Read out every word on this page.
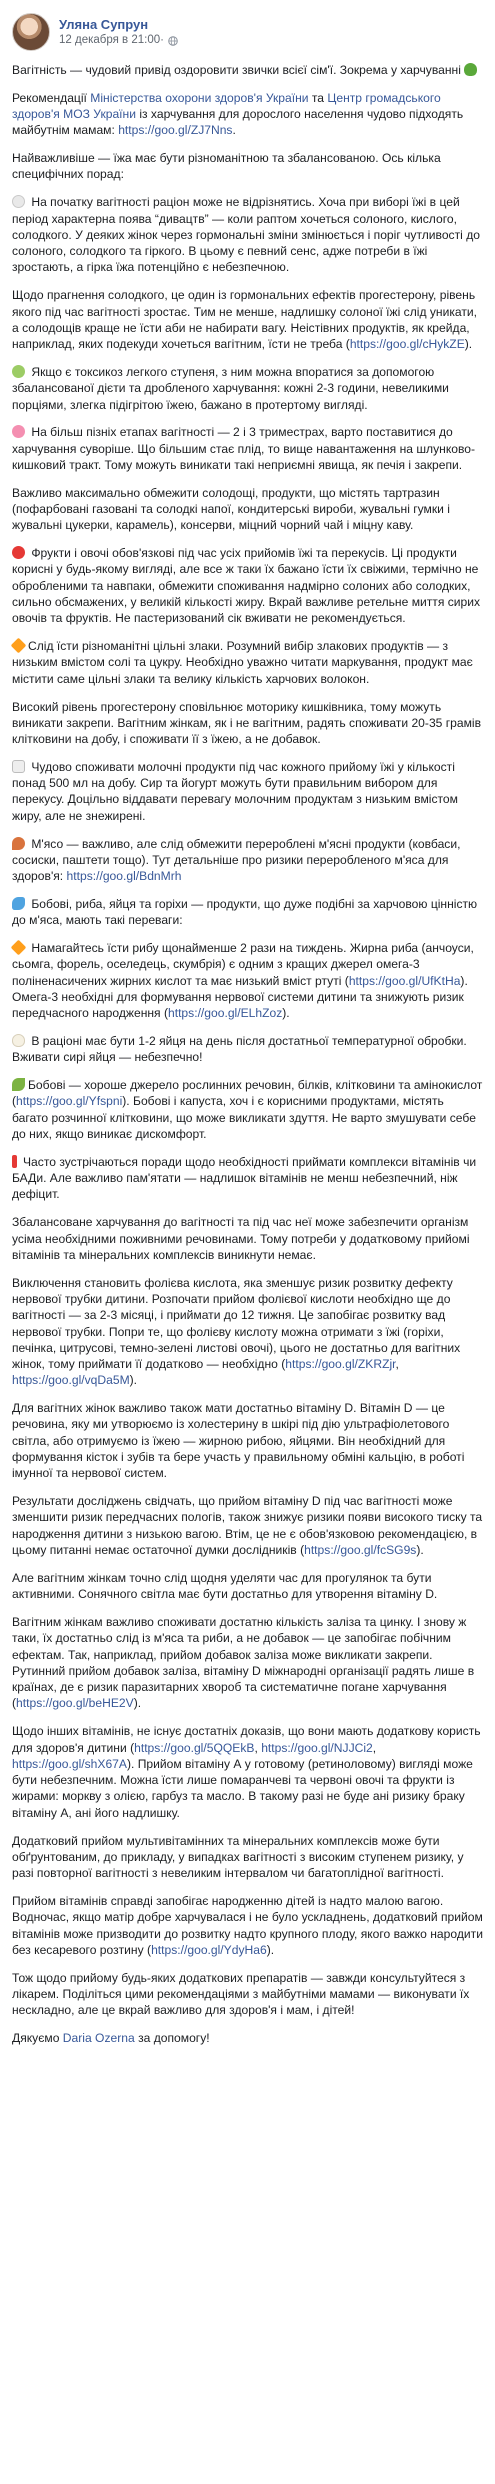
Уляна Супрун
12 декабря в 21:00 ·

Вагітність — чудовий привід оздоровити звички всієї сім'ї. Зокрема у харчуванні

Рекомендації Міністерства охорони здоров'я України та Центр громадського здоров'я МОЗ України із харчування для дорослого населення чудово підходять майбутнім мамам: https://goo.gl/ZJ7Nns.

Найважливіше — їжа має бути різноманітною та збалансованою. Ось кілька специфічних порад:

На початку вагітності раціон може не відрізнятись. Хоча при виборі їжі в цей період характерна поява “дивацтв” — коли раптом хочеться солоного, кислого, солодкого. У деяких жінок через гормональні зміни змінюється і поріг чутливості до солоного, солодкого та гіркого. В цьому є певний сенс, адже потреби в їжі зростають, а гірка їжа потенційно є небезпечною.

Щодо прагнення солодкого, це один із гормональних ефектів прогестерону, рівень якого під час вагітності зростає. Тим не менше, надлишку солоної їжі слід уникати, а солодощів краще не їсти аби не набирати вагу. Неістівних продуктів, як крейда, наприклад, яких подекуди хочеться вагітним, їсти не треба (https://goo.gl/cHykZE).

Якщо є токсикоз легкого ступеня, з ним можна впоратися за допомогою збалансованої дієти та дробленого харчування: кожні 2-3 години, невеликими порціями, злегка підігрітою їжею, бажано в протертому вигляді.

На більш пізніх етапах вагітності — 2 і 3 триместрах, варто поставитися до харчування суворіше. Що більшим стає плід, то вище навантаження на шлунково-кишковий тракт. Тому можуть виникати такі неприємні явища, як печія і закрепи.

Важливо максимально обмежити солодощі, продукти, що містять тартразин (пофарбовані газовані та солодкі напої, кондитерські вироби, жувальні гумки і жувальні цукерки, карамель), консерви, міцний чорний чай і міцну каву.

Фрукти і овочі обов'язкові під час усіх прийомів їжі та перекусів. Ці продукти корисні у будь-якому вигляді, але все ж таки їх бажано їсти їх свіжими, термічно не обробленими та навпаки, обмежити споживання надмірно солоних або солодких, сильно обсмажених, у великій кількості жиру. Вкрай важливе ретельне миття сирих овочів та фруктів. Не пастеризований сік вживати не рекомендується.

Слід їсти різноманітні цільні злаки. Розумний вибір злакових продуктів — з низьким вмістом солі та цукру. Необхідно уважно читати маркування, продукт має містити саме цільні злаки та велику кількість харчових волокон.

Високий рівень прогестерону сповільнює моторику кишківника, тому можуть виникати закрепи. Вагітним жінкам, як і не вагітним, радять споживати 20-35 грамів клітковини на добу, і споживати її з їжею, а не добавок.

Чудово споживати молочні продукти під час кожного прийому їжі у кількості понад 500 мл на добу. Сир та йогурт можуть бути правильним вибором для перекусу. Доцільно віддавати перевагу молочним продуктам з низьким вмістом жиру, але не знежирені.

М'ясо — важливо, але слід обмежити перероблені м'ясні продукти (ковбаси, сосиски, паштети тощо). Тут детальніше про ризики переробленого м'яса для здоров'я: https://goo.gl/BdnMrh

Бобові, риба, яйця та горіхи — продукти, що дуже подібні за харчовою цінністю до м'яса, мають такі переваги:

Намагайтесь їсти рибу щонайменше 2 рази на тиждень. Жирна риба (анчоуси, сьомга, форель, оселедець, скумбрія) є одним з кращих джерел омега-3 поліненасичених жирних кислот та має низький вміст ртуті (https://goo.gl/UfKtHa). Омега-3 необхідні для формування нервової системи дитини та знижують ризик передчасного народження (https://goo.gl/ELhZoz).

В раціоні має бути 1-2 яйця на день після достатньої температурної обробки. Вживати сирі яйця — небезпечно!

Бобові — хороше джерело рослинних речовин, білків, клітковини та амінокислот (https://goo.gl/Yfspni). Бобові і капуста, хоч і є корисними продуктами, містять багато розчинної клітковини, що може викликати здуття. Не варто змушувати себе до них, якщо виникає дискомфорт.

Часто зустрічаються поради щодо необхідності приймати комплекси вітамінів чи БАДи. Але важливо пам'ятати — надлишок вітамінів не менш небезпечний, ніж дефіцит.

Збалансоване харчування до вагітності та під час неї може забезпечити організм усіма необхідними поживними речовинами. Тому потреби у додатковому прийомі вітамінів та мінеральних комплексів виникнути немає.

Виключення становить фолієва кислота, яка зменшує ризик розвитку дефекту нервової трубки дитини. Розпочати прийом фолієвої кислоти необхідно ще до вагітності — за 2-3 місяці, і приймати до 12 тижня. Це запобігає розвитку вад нервової трубки. Попри те, що фолієву кислоту можна отримати з їжі (горіхи, печінка, цитрусові, темно-зелені листові овочі), цього не достатньо для вагітних жінок, тому приймати її додатково — необхідно (https://goo.gl/ZKRZjr, https://goo.gl/vqDa5M).

Для вагітних жінок важливо також мати достатньо вітаміну D. Вітамін D — це речовина, яку ми утворюємо із холестерину в шкірі під дію ультрафіолетового світла, або отримуємо із їжею — жирною рибою, яйцями. Він необхідний для формування кісток і зубів та бере участь у правильному обміні кальцію, в роботі імунної та нервової систем.

Результати досліджень свідчать, що прийом вітаміну D під час вагітності може зменшити ризик передчасних пологів, також знижує ризики появи високого тиску та народження дитини з низькою вагою. Втім, це не є обов'язковою рекомендацією, в цьому питанні немає остаточної думки дослідників (https://goo.gl/fcSG9s).

Але вагітним жінкам точно слід щодня уделяти час для прогулянок та бути активними. Сонячного світла має бути достатньо для утворення вітаміну D.

Вагітним жінкам важливо споживати достатню кількість заліза та цинку. І знову ж таки, їх достатньо слід із м'яса та риби, а не добавок — це запобігає побічним ефектам. Так, наприклад, прийом добавок заліза може викликати закрепи. Рутинний прийом добавок заліза, вітаміну D міжнародні організації радять лише в країнах, де є ризик паразитарних хвороб та систематичне погане харчування (https://goo.gl/beHE2V).

Щодо інших вітамінів, не існує достатніх доказів, що вони мають додаткову користь для здоров'я дитини (https://goo.gl/5QQEkB, https://goo.gl/NJJCi2, https://goo.gl/shX67A). Прийом вітаміну А у готовому (ретиноловому) вигляді може бути небезпечним. Можна їсти лише помаранчеві та червоні овочі та фрукти із жирами: моркву з олією, гарбуз та масло. В такому разі не буде ані ризику браку вітаміну А, ані його надлишку.

Додатковий прийом мультивітамінних та мінеральних комплексів може бути обґрунтованим, до прикладу, у випадках вагітності з високим ступенем ризику, у разі повторної вагітності з невеликим інтервалом чи багатоплідної вагітності.

Прийом вітамінів справді запобігає народженню дітей із надто малою вагою. Водночас, якщо матір добре харчувалася і не було ускладнень, додатковий прийом вітамінів може призводити до розвитку надто крупного плоду, якого важко народити без кесаревого розтину (https://goo.gl/YdyHa6).

Тож щодо прийому будь-яких додаткових препаратів — завжди консультуйтеся з лікарем. Поділіться цими рекомендаціями з майбутніми мамами — виконувати їх нескладно, але це вкрай важливо для здоров'я і мам, і дітей!

Дякуємо Daria Ozerna за допомогу!
